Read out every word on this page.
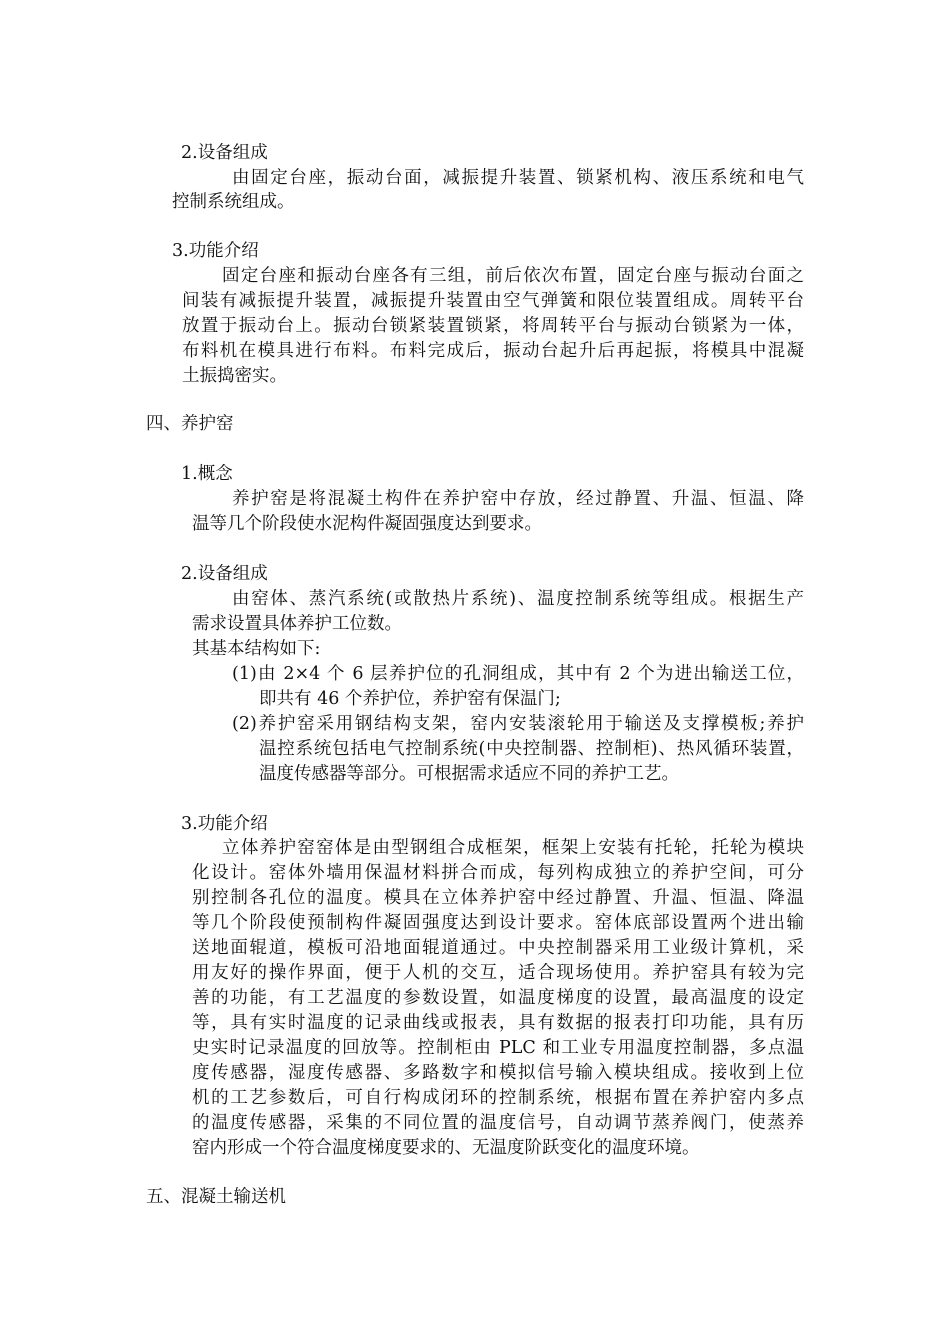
2.设备组成
由固定台座，振动台面，减振提升装置、锁紧机构、液压系统和电气
控制系统组成。
3.功能介绍
固定台座和振动台座各有三组，前后依次布置，固定台座与振动台面之
间装有减振提升装置，减振提升装置由空气弹簧和限位装置组成。周转平台
放置于振动台上。振动台锁紧装置锁紧，将周转平台与振动台锁紧为一体，
布料机在模具进行布料。布料完成后，振动台起升后再起振，将模具中混凝
土振捣密实。
四、养护窑
1.概念
养护窑是将混凝土构件在养护窑中存放，经过静置、升温、恒温、降
温等几个阶段使水泥构件凝固强度达到要求。
2.设备组成
由窑体、蒸汽系统(或散热片系统)、温度控制系统等组成。根据生产
需求设置具体养护工位数。
其基本结构如下:
(1)由 2×4 个 6 层养护位的孔洞组成，其中有 2 个为进出输送工位，
即共有 46 个养护位，养护窑有保温门;
(2)养护窑采用钢结构支架，窑内安装滚轮用于输送及支撑模板;养护
温控系统包括电气控制系统(中央控制器、控制柜)、热风循环装置，
温度传感器等部分。可根据需求适应不同的养护工艺。
3.功能介绍
立体养护窑窑体是由型钢组合成框架，框架上安装有托轮，托轮为模块
化设计。窑体外墙用保温材料拼合而成，每列构成独立的养护空间，可分
别控制各孔位的温度。模具在立体养护窑中经过静置、升温、恒温、降温
等几个阶段使预制构件凝固强度达到设计要求。窑体底部设置两个进出输
送地面辊道，模板可沿地面辊道通过。中央控制器采用工业级计算机，采
用友好的操作界面，便于人机的交互，适合现场使用。养护窑具有较为完
善的功能，有工艺温度的参数设置，如温度梯度的设置，最高温度的设定
等，具有实时温度的记录曲线或报表，具有数据的报表打印功能，具有历
史实时记录温度的回放等。控制柜由 PLC 和工业专用温度控制器，多点温
度传感器，湿度传感器、多路数字和模拟信号输入模块组成。接收到上位
机的工艺参数后，可自行构成闭环的控制系统，根据布置在养护窑内多点
的温度传感器，采集的不同位置的温度信号，自动调节蒸养阀门，使蒸养
窑内形成一个符合温度梯度要求的、无温度阶跃变化的温度环境。
五、混凝土输送机
